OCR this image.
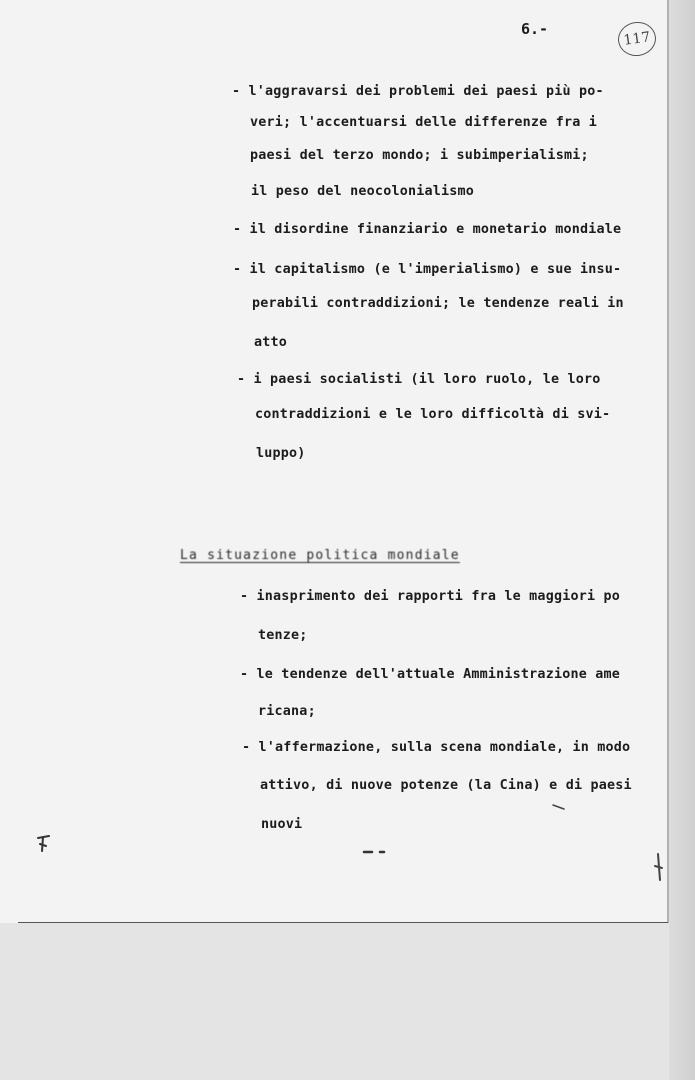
6.-
117
- l'aggravarsi dei problemi dei paesi più po-
veri; l'accentuarsi delle differenze fra i
paesi del terzo mondo; i subimperialismi;
il peso del neocolonialismo
- il disordine finanziario e monetario mondiale
- il capitalismo (e l'imperialismo) e sue insu-
perabili contraddizioni; le tendenze reali in
atto
- i paesi socialisti (il loro ruolo, le loro
contraddizioni e le loro difficoltà di svi-
luppo)
La situazione politica mondiale
- inasprimento dei rapporti fra le maggiori po
tenze;
- le tendenze dell'attuale Amministrazione ame
ricana;
- l'affermazione, sulla scena mondiale, in modo
attivo, di nuove potenze (la Cina) e di paesi
nuovi
